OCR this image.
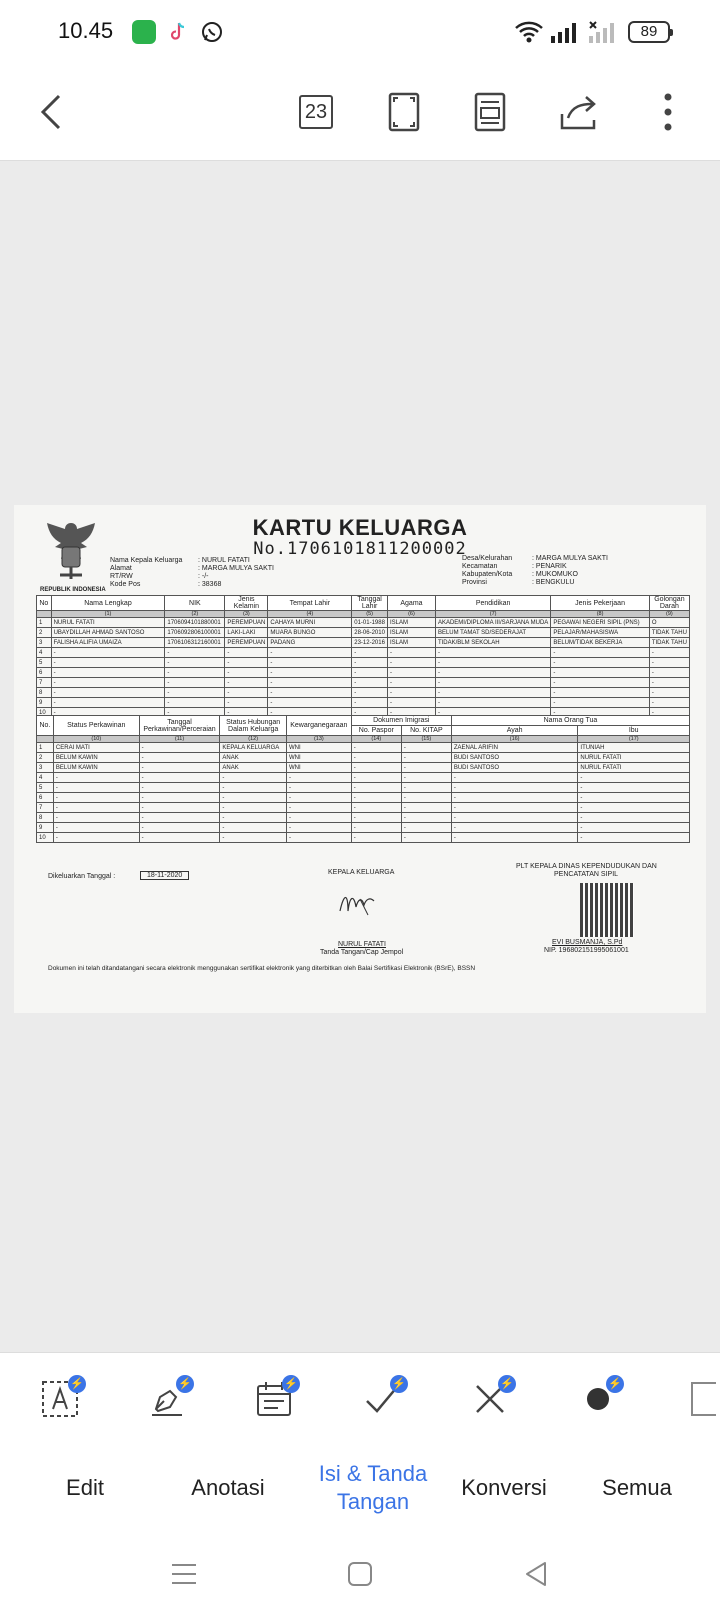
10.45	89
23
REPUBLIK INDONESIA
KARTU KELUARGA
No.1706101811200002
Nama Kepala Keluarga	: NURUL FATATI
Alamat	: MARGA MULYA SAKTI
RT/RW	: -/-
Kode Pos	: 38368
Desa/Kelurahan	: MARGA MULYA SAKTI
Kecamatan	: PENARIK
Kabupaten/Kota	: MUKOMUKO
Provinsi	: BENGKULU
No	Nama Lengkap	NIK	Jenis Kelamin	Tempat Lahir	Tanggal Lahir	Agama	Pendidikan	Jenis Pekerjaan	Golongan Darah
	(1)	(2)	(3)	(4)	(5)	(6)	(7)	(8)	(9)
1	NURUL FATATI	1706094101880001	PEREMPUAN	CAHAYA MURNI	01-01-1988	ISLAM	AKADEMI/DIPLOMA III/SARJANA MUDA	PEGAWAI NEGERI SIPIL (PNS)	O
2	UBAYDILLAH AHMAD SANTOSO	1706092806100001	LAKI-LAKI	MUARA BUNGO	28-06-2010	ISLAM	BELUM TAMAT SD/SEDERAJAT	PELAJAR/MAHASISWA	TIDAK TAHU
3	FALISHA ALIFIA UMAIZA	1706106312160001	PEREMPUAN	PADANG	23-12-2016	ISLAM	TIDAK/BLM SEKOLAH	BELUM/TIDAK BEKERJA	TIDAK TAHU
4	-	-	-	-	-	-	-	-	-
5	-	-	-	-	-	-	-	-	-
6	-	-	-	-	-	-	-	-	-
7	-	-	-	-	-	-	-	-	-
8	-	-	-	-	-	-	-	-	-
9	-	-	-	-	-	-	-	-	-
10	-	-	-	-	-	-	-	-	-
No.	Status Perkawinan	Tanggal Perkawinan/Perceraian	Status Hubungan Dalam Keluarga	Kewarganegaraan	Dokumen Imigrasi		Nama Orang Tua	
					No. Paspor	No. KITAP	Ayah	Ibu
	(10)	(11)	(12)	(13)	(14)	(15)	(16)	(17)
1	CERAI MATI	-	KEPALA KELUARGA	WNI	-	-	ZAENAL ARIFIN	ITUNIAH
2	BELUM KAWIN	-	ANAK	WNI	-	-	BUDI SANTOSO	NURUL FATATI
3	BELUM KAWIN	-	ANAK	WNI	-	-	BUDI SANTOSO	NURUL FATATI
4	-	-	-	-	-	-	-	-
5	-	-	-	-	-	-	-	-
6	-	-	-	-	-	-	-	-
7	-	-	-	-	-	-	-	-
8	-	-	-	-	-	-	-	-
9	-	-	-	-	-	-	-	-
10	-	-	-	-	-	-	-	-
Dikeluarkan Tanggal :	18-11-2020	KEPALA KELUARGA
NURUL FATATI
Tanda Tangan/Cap Jempol
PLT KEPALA DINAS KEPENDUDUKAN DAN
PENCATATAN SIPIL
EVI BUSMANJA, S.Pd
NIP. 196802151995061001
Dokumen ini telah ditandatangani secara elektronik menggunakan sertifikat elektronik yang diterbitkan oleh Balai Sertifikasi Elektronik (BSrE), BSSN
⚡	⚡	⚡	⚡	⚡	⚡
Edit	Anotasi
Isi & Tanda Tangan
Konversi	Semua
